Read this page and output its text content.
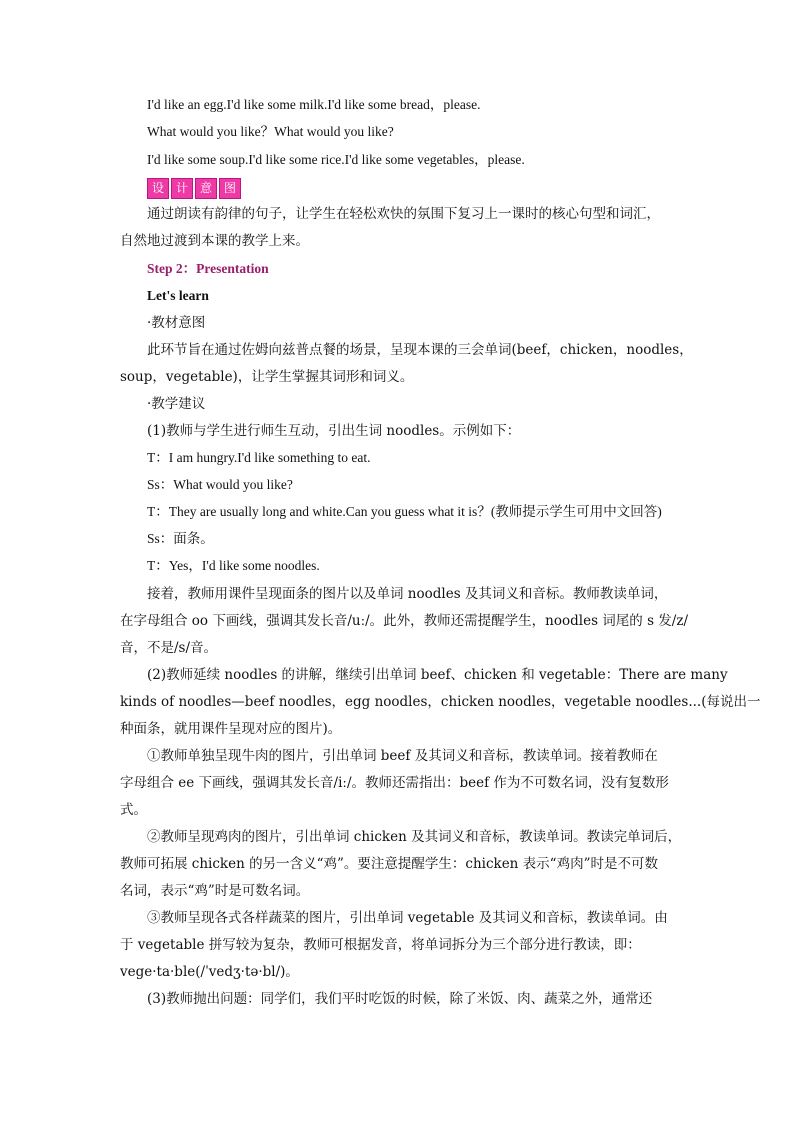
I'd like an egg.I'd like some milk.I'd like some bread，please.
What would you like？What would you like?
I'd like some soup.I'd like some rice.I'd like some vegetables，please.
设 计 意 图
通过朗读有韵律的句子，让学生在轻松欢快的氛围下复习上一课时的核心句型和词汇，
自然地过渡到本课的教学上来。
Step 2：Presentation
Let's learn
·教材意图
此环节旨在通过佐姆向兹普点餐的场景，呈现本课的三会单词(beef，chicken，noodles，
soup，vegetable)，让学生掌握其词形和词义。
·教学建议
(1)教师与学生进行师生互动，引出生词 noodles。示例如下：
T：I am hungry.I'd like something to eat.
Ss：What would you like?
T：They are usually long and white.Can you guess what it is？(教师提示学生可用中文回答)
Ss：面条。
T：Yes，I'd like some noodles.
接着，教师用课件呈现面条的图片以及单词 noodles 及其词义和音标。教师教读单词，
在字母组合 oo 下画线，强调其发长音/uː/。此外，教师还需提醒学生，noodles 词尾的 s 发/z/
音，不是/s/音。
(2)教师延续 noodles 的讲解，继续引出单词 beef、chicken 和 vegetable：There are many
kinds of noodles—beef noodles，egg noodles，chicken noodles，vegetable noodles...(每说出一
种面条，就用课件呈现对应的图片)。
①教师单独呈现牛肉的图片，引出单词 beef 及其词义和音标，教读单词。接着教师在
字母组合 ee 下画线，强调其发长音/iː/。教师还需指出：beef 作为不可数名词，没有复数形
式。
②教师呈现鸡肉的图片，引出单词 chicken 及其词义和音标，教读单词。教读完单词后，
教师可拓展 chicken 的另一含义“鸡”。要注意提醒学生：chicken 表示“鸡肉”时是不可数
名词，表示“鸡”时是可数名词。
③教师呈现各式各样蔬菜的图片，引出单词 vegetable 及其词义和音标，教读单词。由
于 vegetable 拼写较为复杂，教师可根据发音，将单词拆分为三个部分进行教读，即：
vege·ta·ble(/ˈvedʒ·tə·bl/)。
(3)教师抛出问题：同学们，我们平时吃饭的时候，除了米饭、肉、蔬菜之外，通常还
